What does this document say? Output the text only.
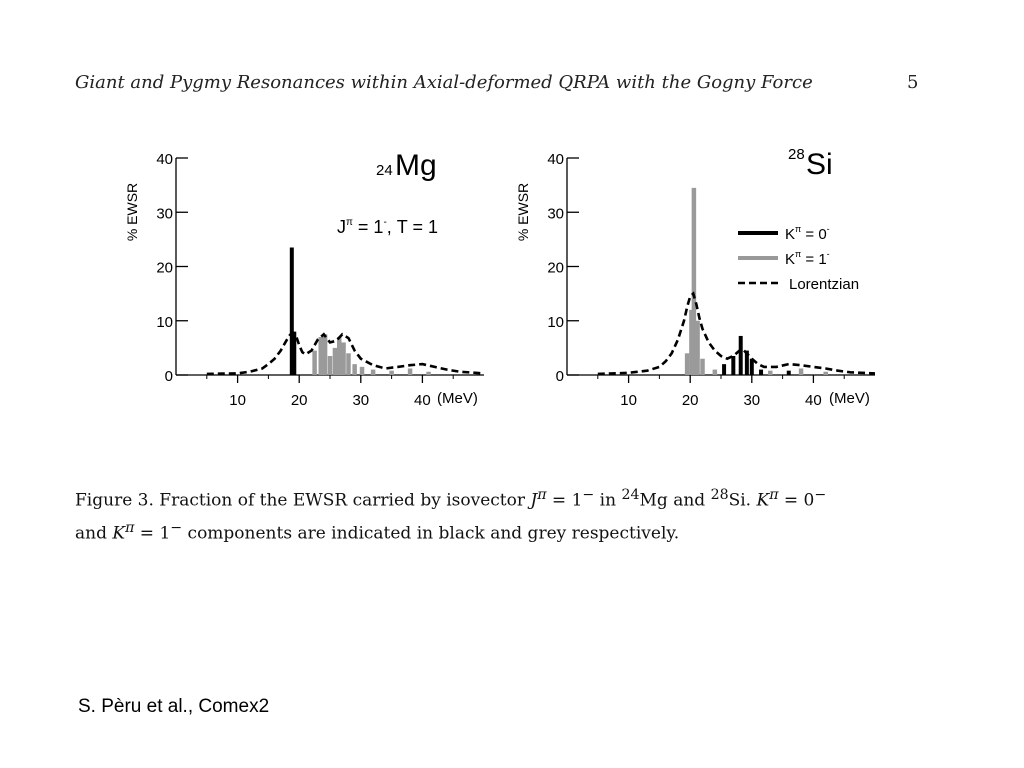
Giant and Pygmy Resonances within Axial-deformed QRPA with the Gogny Force	5
% EWSR
24 Mg
$J^\pi = 1^-$, T = 1
(MeV)
0
10
20
30
40
10	20	30	40
% EWSR
28 Si
(MeV)
$K^\pi = 0^-$
$K^\pi = 1^-$
Lorentzian
0
10
20
30
40
10	20	30	40
Figure 3. Fraction of the EWSR carried by isovector $J^\pi = 1^-$ in $^{24}$Mg and $^{28}$Si. $K^\pi = 0^-$
and $K^\pi = 1^-$ components are indicated in black and grey respectively.
S. Pèru et al., Comex2
